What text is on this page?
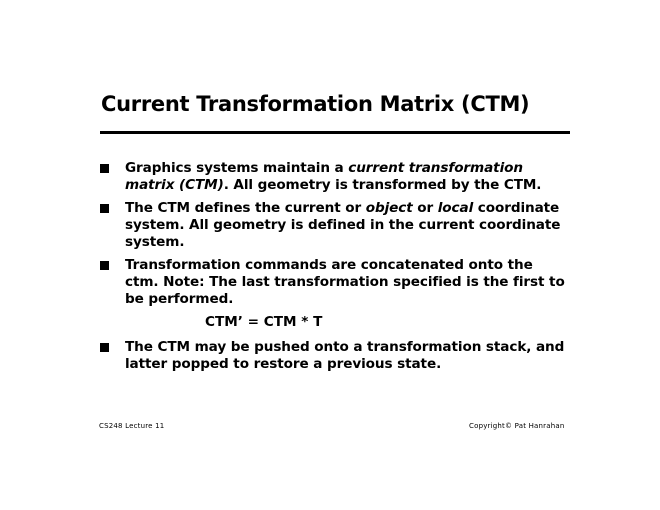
Current Transformation Matrix (CTM)
Graphics systems maintain a current transformation matrix (CTM). All geometry is transformed by the CTM.
The CTM defines the current or object or local coordinate system. All geometry is defined in the current coordinate system.
Transformation commands are concatenated onto the ctm. Note: The last transformation specified is the first to be performed.
CTM’ = CTM * T
The CTM may be pushed onto a transformation stack, and latter popped to restore a previous state.
CS248 Lecture 11	Copyright© Pat Hanrahan
